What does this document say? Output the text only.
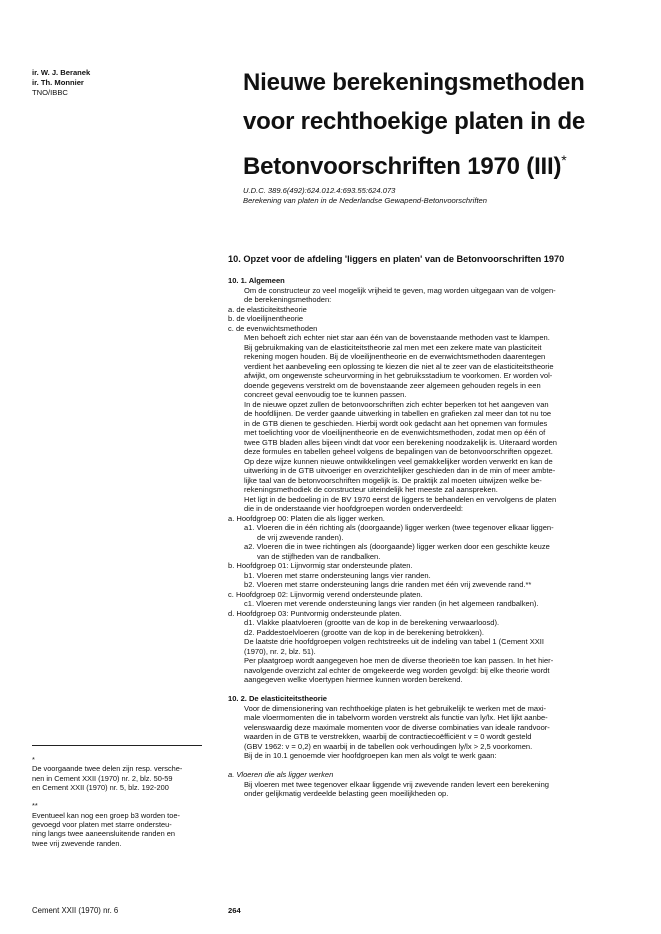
ir. W. J. Beranek
ir. Th. Monnier
TNO/IBBC	Nieuwe berekeningsmethoden
voor rechthoekige platen in de
Betonvoorschriften 1970 (III)*
U.D.C. 389.6(492):624.012.4:693.55:624.073
Berekening van platen in de Nederlandse Gewapend-Betonvoorschriften
10. Opzet voor de afdeling 'liggers en platen' van de Betonvoorschriften 1970
10. 1. Algemeen
Om de constructeur zo veel mogelijk vrijheid te geven, mag worden uitgegaan van de volgen-
de berekeningsmethoden:
a. de elasticiteitstheorie
b. de vloeilijnentheorie
c. de evenwichtsmethoden
Men behoeft zich echter niet star aan één van de bovenstaande methoden vast te klampen.
Bij gebruikmaking van de elasticiteitstheorie zal men met een zekere mate van plasticiteit
rekening mogen houden. Bij de vloeilijnentheorie en de evenwichtsmethoden daarentegen
verdient het aanbeveling een oplossing te kiezen die niet al te zeer van de elasticiteitstheorie
afwijkt, om ongewenste scheurvorming in het gebruiksstadium te voorkomen. Er worden vol-
doende gegevens verstrekt om de bovenstaande zeer algemeen gehouden regels in een
concreet geval eenvoudig toe te kunnen passen.
In de nieuwe opzet zullen de betonvoorschriften zich echter beperken tot het aangeven van
de hoofdlijnen. De verder gaande uitwerking in tabellen en grafieken zal meer dan tot nu toe
in de GTB dienen te geschieden. Hierbij wordt ook gedacht aan het opnemen van formules
met toelichting voor de vloeilijnentheorie en de evenwichtsmethoden, zodat men op één of
twee GTB bladen alles bijeen vindt dat voor een berekening noodzakelijk is. Uiteraard worden
deze formules en tabellen geheel volgens de bepalingen van de betonvoorschriften opgezet.
Op deze wijze kunnen nieuwe ontwikkelingen veel gemakkelijker worden verwerkt en kan de
uitwerking in de GTB uitvoeriger en overzichtelijker geschieden dan in de min of meer ambte-
lijke taal van de betonvoorschriften mogelijk is. De praktijk zal moeten uitwijzen welke be-
rekeningsmethodiek de constructeur uiteindelijk het meeste zal aanspreken.
Het ligt in de bedoeling in de BV 1970 eerst de liggers te behandelen en vervolgens de platen
die in de onderstaande vier hoofdgroepen worden onderverdeeld:
a. Hoofdgroep 00: Platen die als ligger werken.
a1. Vloeren die in één richting als (doorgaande) ligger werken (twee tegenover elkaar liggen-
de vrij zwevende randen).
a2. Vloeren die in twee richtingen als (doorgaande) ligger werken door een geschikte keuze
van de stijfheden van de randbalken.
b. Hoofdgroep 01: Lijnvormig star ondersteunde platen.
b1. Vloeren met starre ondersteuning langs vier randen.
b2. Vloeren met starre ondersteuning langs drie randen met één vrij zwevende rand.**
c. Hoofdgroep 02: Lijnvormig verend ondersteunde platen.
c1. Vloeren met verende ondersteuning langs vier randen (in het algemeen randbalken).
d. Hoofdgroep 03: Puntvormig ondersteunde platen.
d1. Vlakke plaatvloeren (grootte van de kop in de berekening verwaarloosd).
d2. Paddestoelvloeren (grootte van de kop in de berekening betrokken).
De laatste drie hoofdgroepen volgen rechtstreeks uit de indeling van tabel 1 (Cement XXII
(1970), nr. 2, blz. 51).
Per plaatgroep wordt aangegeven hoe men de diverse theorieën toe kan passen. In het hier-
navolgende overzicht zal echter de omgekeerde weg worden gevolgd: bij elke theorie wordt
aangegeven welke vloertypen hiermee kunnen worden berekend.
10. 2. De elasticiteitstheorie
Voor de dimensionering van rechthoekige platen is het gebruikelijk te werken met de maxi-
male vloermomenten die in tabelvorm worden verstrekt als functie van ly/lx. Het lijkt aanbe-
velenswaardig deze maximale momenten voor de diverse combinaties van ideale randvoor-
waarden in de GTB te verstrekken, waarbij de contractiecoëfficiënt v = 0 wordt gesteld
(GBV 1962: v = 0,2) en waarbij in de tabellen ook verhoudingen ly/lx > 2,5 voorkomen.
Bij de in 10.1 genoemde vier hoofdgroepen kan men als volgt te werk gaan:
a. Vloeren die als ligger werken
Bij vloeren met twee tegenover elkaar liggende vrij zwevende randen levert een berekening
onder gelijkmatig verdeelde belasting geen moeilijkheden op.
*
De voorgaande twee delen zijn resp. versche-
nen in Cement XXII (1970) nr. 2, blz. 50-59
en Cement XXII (1970) nr. 5, blz. 192-200
**
Eventueel kan nog een groep b3 worden toe-
gevoegd voor platen met starre ondersteu-
ning langs twee aaneensluitende randen en
twee vrij zwevende randen.
Cement XXII (1970) nr. 6	264
